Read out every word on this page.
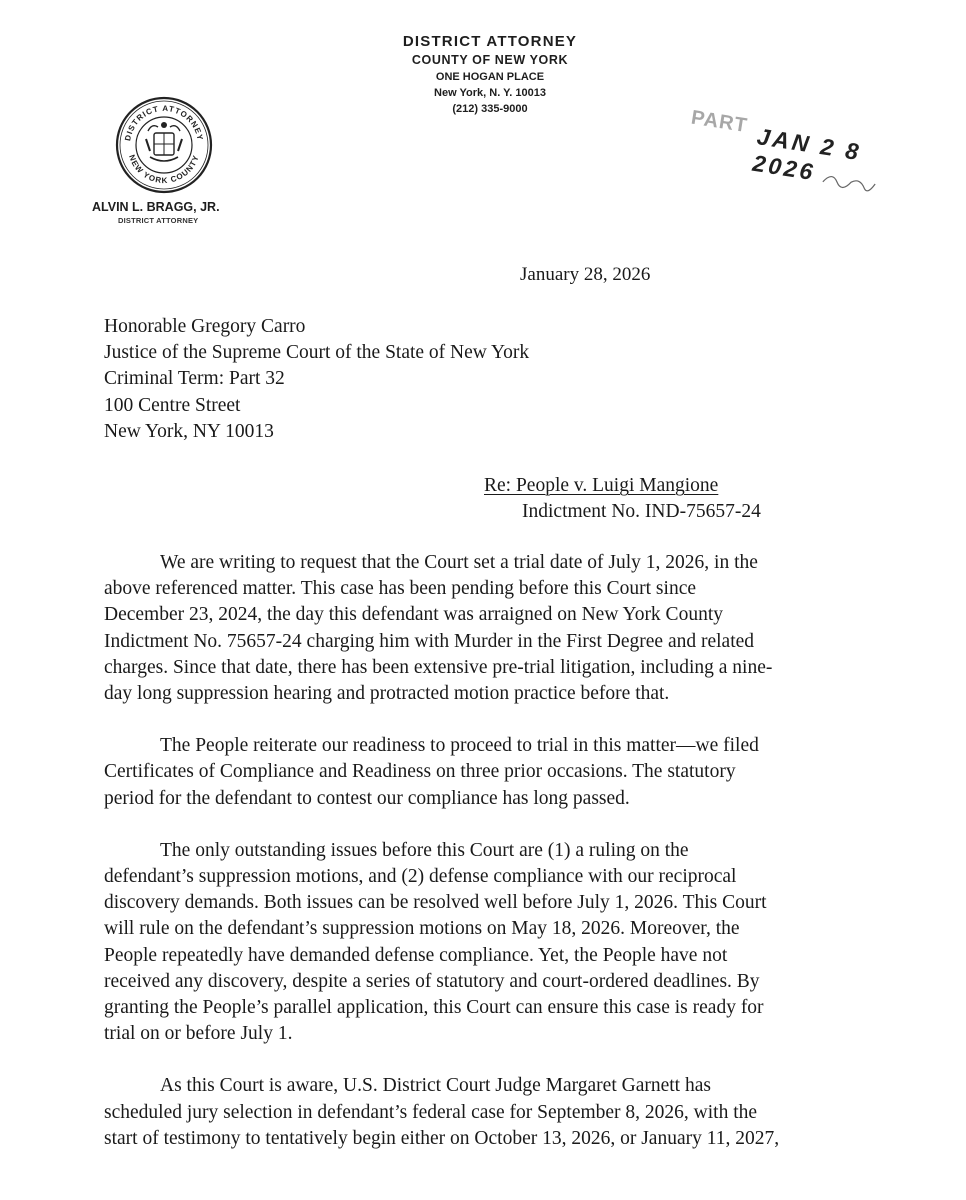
DISTRICT ATTORNEY
COUNTY OF NEW YORK
ONE HOGAN PLACE
New York, N. Y. 10013
(212) 335-9000
DISTRICT ATTORNEY
NEW YORK COUNTY
ALVIN L. BRAGG, JR.
DISTRICT ATTORNEY
PART
JAN 2 8 2026
January 28, 2026
Honorable Gregory Carro
Justice of the Supreme Court of the State of New York
Criminal Term: Part 32
100 Centre Street
New York, NY 10013
Re: People v. Luigi Mangione
Indictment No. IND-75657-24
We are writing to request that the Court set a trial date of July 1, 2026, in the
above referenced matter. This case has been pending before this Court since
December 23, 2024, the day this defendant was arraigned on New York County
Indictment No. 75657-24 charging him with Murder in the First Degree and related
charges. Since that date, there has been extensive pre-trial litigation, including a nine-
day long suppression hearing and protracted motion practice before that.
The People reiterate our readiness to proceed to trial in this matter—we filed
Certificates of Compliance and Readiness on three prior occasions. The statutory
period for the defendant to contest our compliance has long passed.
The only outstanding issues before this Court are (1) a ruling on the
defendant’s suppression motions, and (2) defense compliance with our reciprocal
discovery demands. Both issues can be resolved well before July 1, 2026. This Court
will rule on the defendant’s suppression motions on May 18, 2026. Moreover, the
People repeatedly have demanded defense compliance. Yet, the People have not
received any discovery, despite a series of statutory and court-ordered deadlines. By
granting the People’s parallel application, this Court can ensure this case is ready for
trial on or before July 1.
As this Court is aware, U.S. District Court Judge Margaret Garnett has
scheduled jury selection in defendant’s federal case for September 8, 2026, with the
start of testimony to tentatively begin either on October 13, 2026, or January 11, 2027,
